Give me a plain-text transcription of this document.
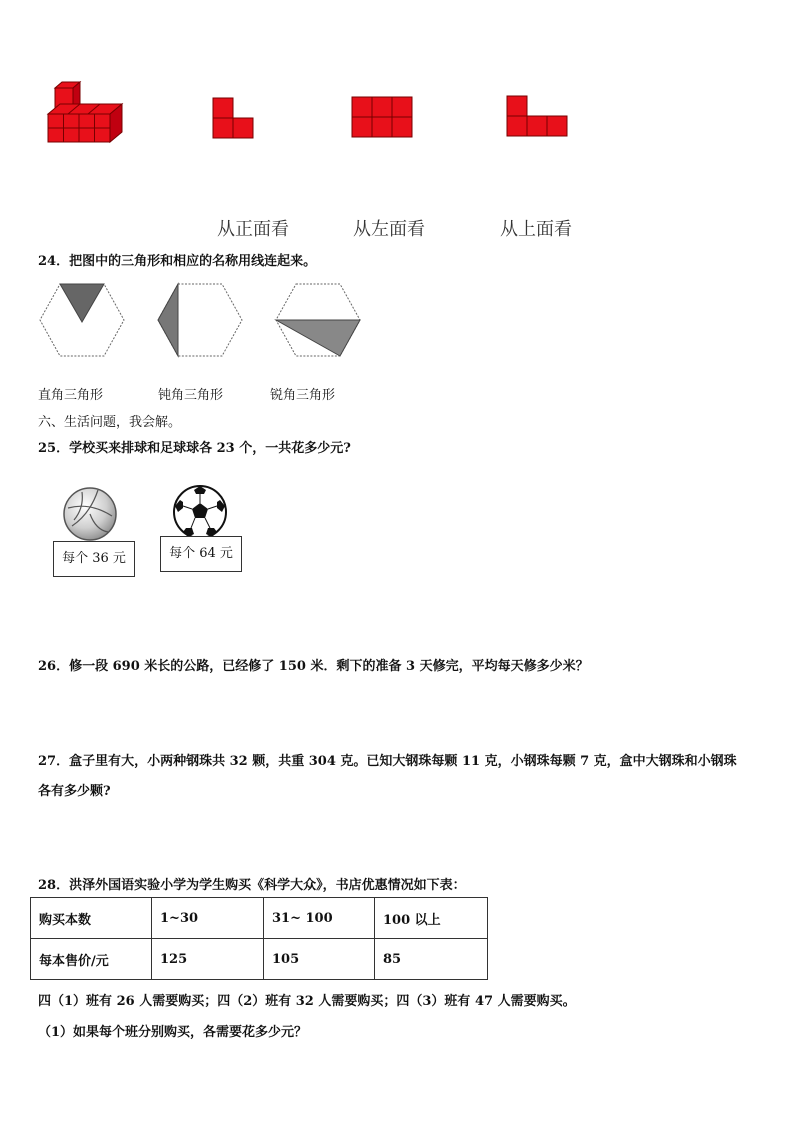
从正面看	从左面看	从上面看
24．把图中的三角形和相应的名称用线连起来。
直角三角形	钝角三角形	锐角三角形
六、生活问题，我会解。
25．学校买来排球和足球球各 23 个，一共花多少元?
每个 36 元	每个 64 元
26．修一段 690 米长的公路，已经修了 150 米．剩下的准备 3 天修完，平均每天修多少米？
27．盒子里有大，小两种钢珠共 32 颗，共重 304 克。已知大钢珠每颗 11 克，小钢珠每颗 7 克，盒中大钢珠和小钢珠
各有多少颗?
28．洪泽外国语实验小学为学生购买《科学大众》，书店优惠情况如下表：
购买本数	1~30	31~ 100	100 以上
每本售价/元	125	105	85
四（1）班有 26 人需要购买；四（2）班有 32 人需要购买；四（3）班有 47 人需要购买。
（1）如果每个班分别购买，各需要花多少元？
